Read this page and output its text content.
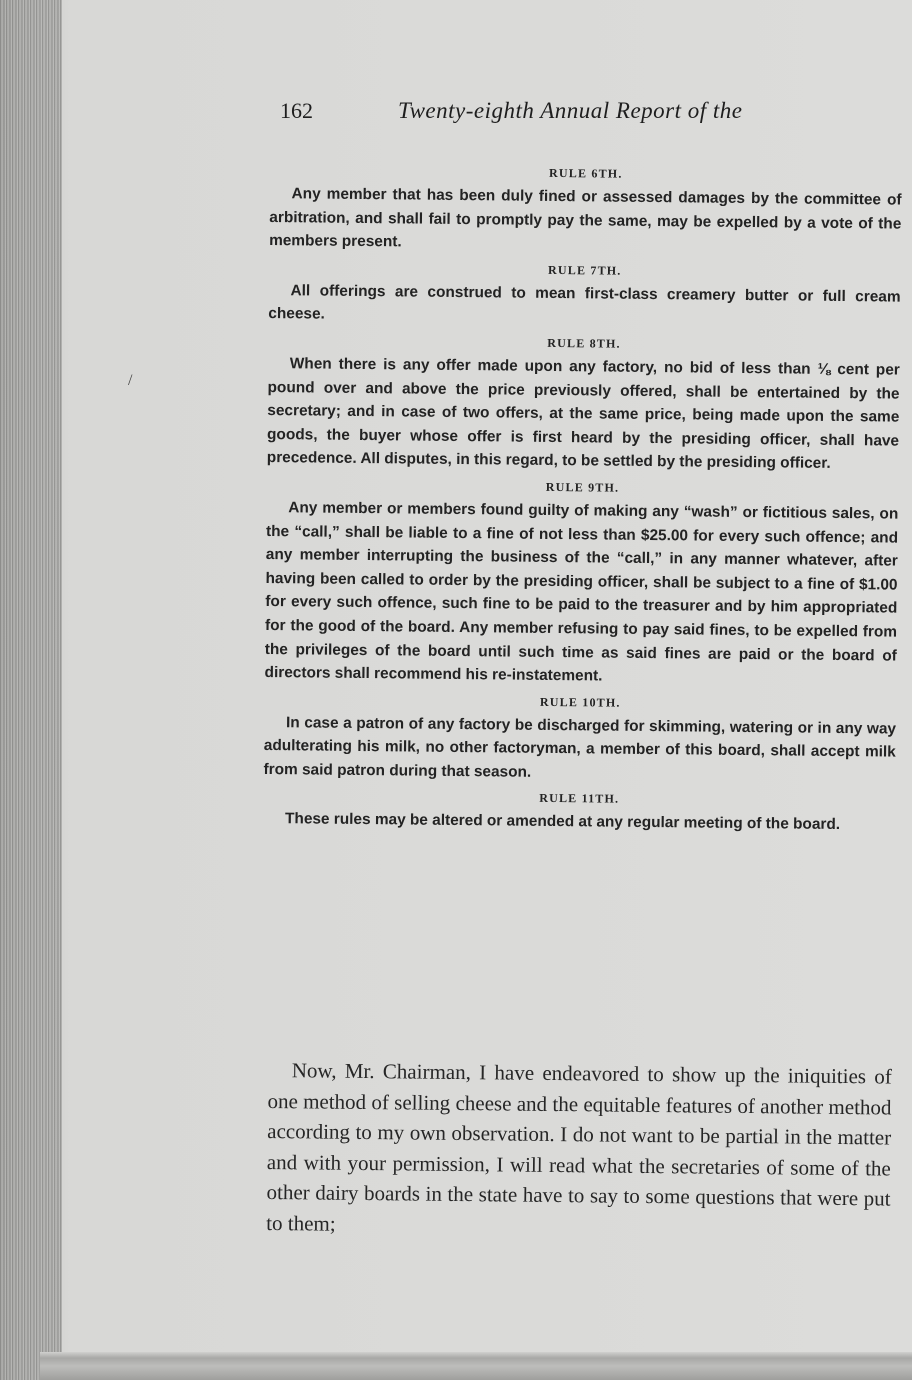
/
162	Twenty-eighth Annual Report of the
RULE 6TH.

Any member that has been duly fined or assessed damages by the committee of arbitration, and shall fail to promptly pay the same, may be expelled by a vote of the members present.

RULE 7TH.

All offerings are construed to mean first-class creamery butter or full cream cheese.

RULE 8TH.

When there is any offer made upon any factory, no bid of less than ⅛ cent per pound over and above the price previously offered, shall be entertained by the secretary; and in case of two offers, at the same price, being made upon the same goods, the buyer whose offer is first heard by the presiding officer, shall have precedence. All disputes, in this regard, to be settled by the presiding officer.

RULE 9TH.

Any member or members found guilty of making any “wash” or fictitious sales, on the “call,” shall be liable to a fine of not less than $25.00 for every such offence; and any member interrupting the business of the “call,” in any manner whatever, after having been called to order by the presiding officer, shall be subject to a fine of $1.00 for every such offence, such fine to be paid to the treasurer and by him appropriated for the good of the board. Any member refusing to pay said fines, to be expelled from the privileges of the board until such time as said fines are paid or the board of directors shall recommend his re-instatement.

RULE 10TH.

In case a patron of any factory be discharged for skimming, watering or in any way adulterating his milk, no other factoryman, a member of this board, shall accept milk from said patron during that season.

RULE 11TH.

These rules may be altered or amended at any regular meeting of the board.

Now, Mr. Chairman, I have endeavored to show up the iniquities of one method of selling cheese and the equitable features of another method according to my own observation. I do not want to be partial in the matter and with your permission, I will read what the secretaries of some of the other dairy boards in the state have to say to some questions that were put to them;
